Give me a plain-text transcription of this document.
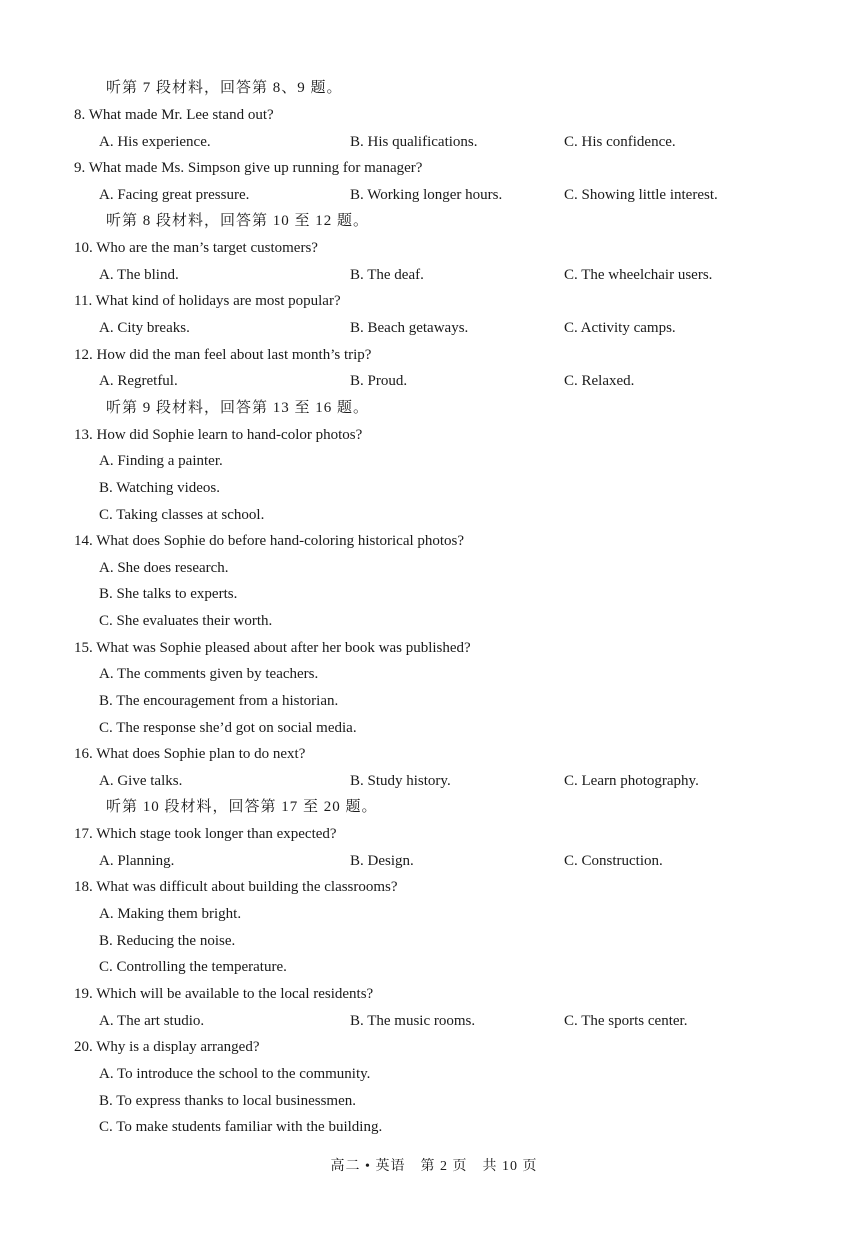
听第 7 段材料，回答第 8、9 题。
8. What made Mr. Lee stand out?
A. His experience.	B. His qualifications.	C. His confidence.
9. What made Ms. Simpson give up running for manager?
A. Facing great pressure.	B. Working longer hours.	C. Showing little interest.
听第 8 段材料，回答第 10 至 12 题。
10. Who are the man’s target customers?
A. The blind.	B. The deaf.	C. The wheelchair users.
11. What kind of holidays are most popular?
A. City breaks.	B. Beach getaways.	C. Activity camps.
12. How did the man feel about last month’s trip?
A. Regretful.	B. Proud.	C. Relaxed.
听第 9 段材料，回答第 13 至 16 题。
13. How did Sophie learn to hand-color photos?
A. Finding a painter.
B. Watching videos.
C. Taking classes at school.
14. What does Sophie do before hand-coloring historical photos?
A. She does research.
B. She talks to experts.
C. She evaluates their worth.
15. What was Sophie pleased about after her book was published?
A. The comments given by teachers.
B. The encouragement from a historian.
C. The response she’d got on social media.
16. What does Sophie plan to do next?
A. Give talks.	B. Study history.	C. Learn photography.
听第 10 段材料，回答第 17 至 20 题。
17. Which stage took longer than expected?
A. Planning.	B. Design.	C. Construction.
18. What was difficult about building the classrooms?
A. Making them bright.
B. Reducing the noise.
C. Controlling the temperature.
19. Which will be available to the local residents?
A. The art studio.	B. The music rooms.	C. The sports center.
20. Why is a display arranged?
A. To introduce the school to the community.
B. To express thanks to local businessmen.
C. To make students familiar with the building.
高二 • 英语　第 2 页　共 10 页
